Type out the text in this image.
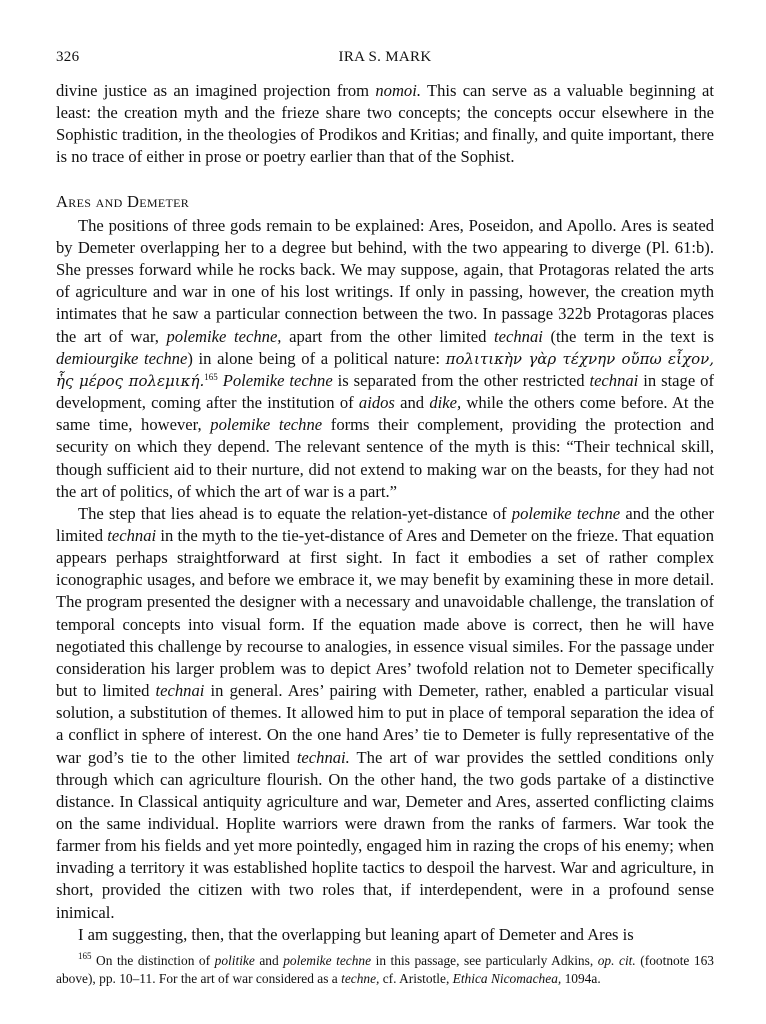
326	IRA S. MARK

divine justice as an imagined projection from nomoi. This can serve as a valuable beginning at least: the creation myth and the frieze share two concepts; the concepts occur elsewhere in the Sophistic tradition, in the theologies of Prodikos and Kritias; and finally, and quite important, there is no trace of either in prose or poetry earlier than that of the Sophist.

Ares and Demeter

The positions of three gods remain to be explained: Ares, Poseidon, and Apollo. Ares is seated by Demeter overlapping her to a degree but behind, with the two appearing to diverge (Pl. 61:b). She presses forward while he rocks back. We may suppose, again, that Protagoras related the arts of agriculture and war in one of his lost writings. If only in passing, however, the creation myth intimates that he saw a particular connection between the two. In passage 322b Protagoras places the art of war, polemike techne, apart from the other limited technai (the term in the text is demiourgike techne) in alone being of a political nature: πολιτικὴν γὰρ τέχνην οὔπω εἶχον, ἧς μέρος πολεμική.$^{165}$ Polemike techne is separated from the other restricted technai in stage of development, coming after the institution of aidos and dike, while the others come before. At the same time, however, polemike techne forms their complement, providing the protection and security on which they depend. The relevant sentence of the myth is this: “Their technical skill, though sufficient aid to their nurture, did not extend to making war on the beasts, for they had not the art of politics, of which the art of war is a part.”

The step that lies ahead is to equate the relation-yet-distance of polemike techne and the other limited technai in the myth to the tie-yet-distance of Ares and Demeter on the frieze. That equation appears perhaps straightforward at first sight. In fact it embodies a set of rather complex iconographic usages, and before we embrace it, we may benefit by examining these in more detail. The program presented the designer with a necessary and unavoidable challenge, the translation of temporal concepts into visual form. If the equation made above is correct, then he will have negotiated this challenge by recourse to analogies, in essence visual similes. For the passage under consideration his larger problem was to depict Ares’ twofold relation not to Demeter specifically but to limited technai in general. Ares’ pairing with Demeter, rather, enabled a particular visual solution, a substitution of themes. It allowed him to put in place of temporal separation the idea of a conflict in sphere of interest. On the one hand Ares’ tie to Demeter is fully representative of the war god’s tie to the other limited technai. The art of war provides the settled conditions only through which can agriculture flourish. On the other hand, the two gods partake of a distinctive distance. In Classical antiquity agriculture and war, Demeter and Ares, asserted conflicting claims on the same individual. Hoplite warriors were drawn from the ranks of farmers. War took the farmer from his fields and yet more pointedly, engaged him in razing the crops of his enemy; when invading a territory it was established hoplite tactics to despoil the harvest. War and agriculture, in short, provided the citizen with two roles that, if interdependent, were in a profound sense inimical.

I am suggesting, then, that the overlapping but leaning apart of Demeter and Ares is

$^{165}$ On the distinction of politike and polemike techne in this passage, see particularly Adkins, op. cit. (footnote 163 above), pp. 10–11. For the art of war considered as a techne, cf. Aristotle, Ethica Nicomachea, 1094a.
